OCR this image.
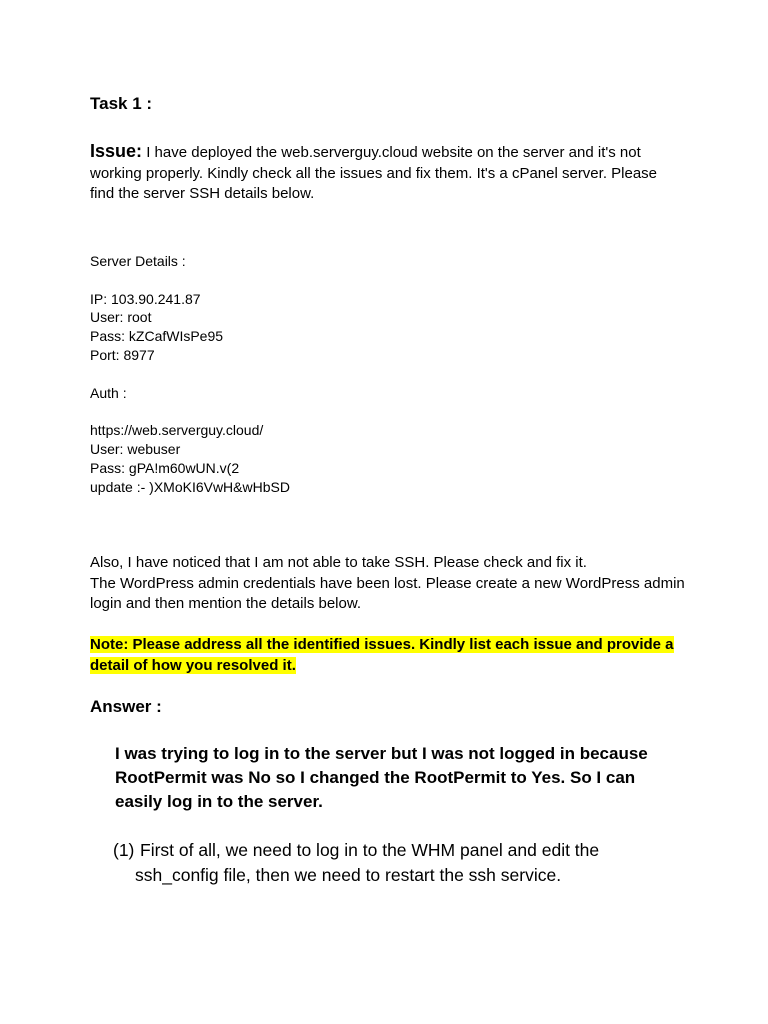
Task 1 :
Issue: I have deployed the web.serverguy.cloud website on the server and it's not working properly. Kindly check all the issues and fix them. It's a cPanel server. Please find the server SSH details below.
Server Details :
IP: 103.90.241.87
User: root
Pass: kZCafWIsPe95
Port: 8977
Auth :
https://web.serverguy.cloud/
User: webuser
Pass: gPA!m60wUN.v(2
update :- )XMoKI6VwH&wHbSD
Also, I have noticed that I am not able to take SSH. Please check and fix it.
The WordPress admin credentials have been lost. Please create a new WordPress admin login and then mention the details below.
Note: Please address all the identified issues. Kindly list each issue and provide a detail of how you resolved it.
Answer :
I was trying to log in to the server but I was not logged in because
RootPermit was No so I changed the RootPermit to Yes. So I can
easily log in to the server.
(1) First of all, we need to log in to the WHM panel and edit the
ssh_config file, then we need to restart the ssh service.
